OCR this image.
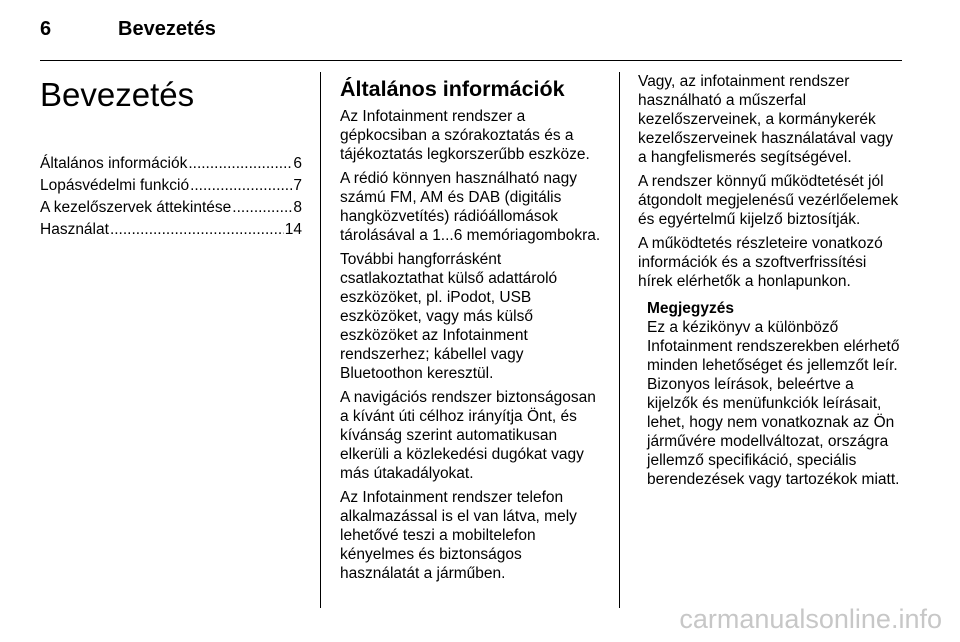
6	Bevezetés
Bevezetés
Általános információk .....	6
Lopásvédelmi funkció .....	7
A kezelőszervek áttekintése .....	8
Használat .....	14
Általános információk

Az Infotainment rendszer a gépkocsiban a szórakoztatás és a tájékoztatás legkorszerűbb eszköze.

A rédió könnyen használható nagy számú FM, AM és DAB (digitális hangközvetítés) rádióállomások tárolásával a 1...6 memóriagombokra.

További hangforrásként csatlakoztathat külső adattároló eszközöket, pl. iPodot, USB eszközöket, vagy más külső eszközöket az Infotainment rendszerhez; kábellel vagy Bluetoothon keresztül.

A navigációs rendszer biztonságosan a kívánt úti célhoz irányítja Önt, és kívánság szerint automatikusan elkerüli a közlekedési dugókat vagy más útakadályokat.

Az Infotainment rendszer telefon alkalmazással is el van látva, mely lehetővé teszi a mobiltelefon kényelmes és biztonságos használatát a járműben.

Vagy, az infotainment rendszer használható a műszerfal kezelőszerveinek, a kormánykerék kezelőszerveinek használatával vagy a hangfelismerés segítségével.

A rendszer könnyű működtetését jól átgondolt megjelenésű vezérlőelemek és egyértelmű kijelző biztosítják.

A működtetés részleteire vonatkozó információk és a szoftverfrissítési hírek elérhetők a honlapunkon.

Megjegyzés

Ez a kézikönyv a különböző Infotainment rendszerekben elérhető minden lehetőséget és jellemzőt leír. Bizonyos leírások, beleértve a kijelzők és menüfunkciók leírásait, lehet, hogy nem vonatkoznak az Ön járművére modellváltozat, országra jellemző specifikáció, speciális berendezések vagy tartozékok miatt.

carmanualsonline.info
